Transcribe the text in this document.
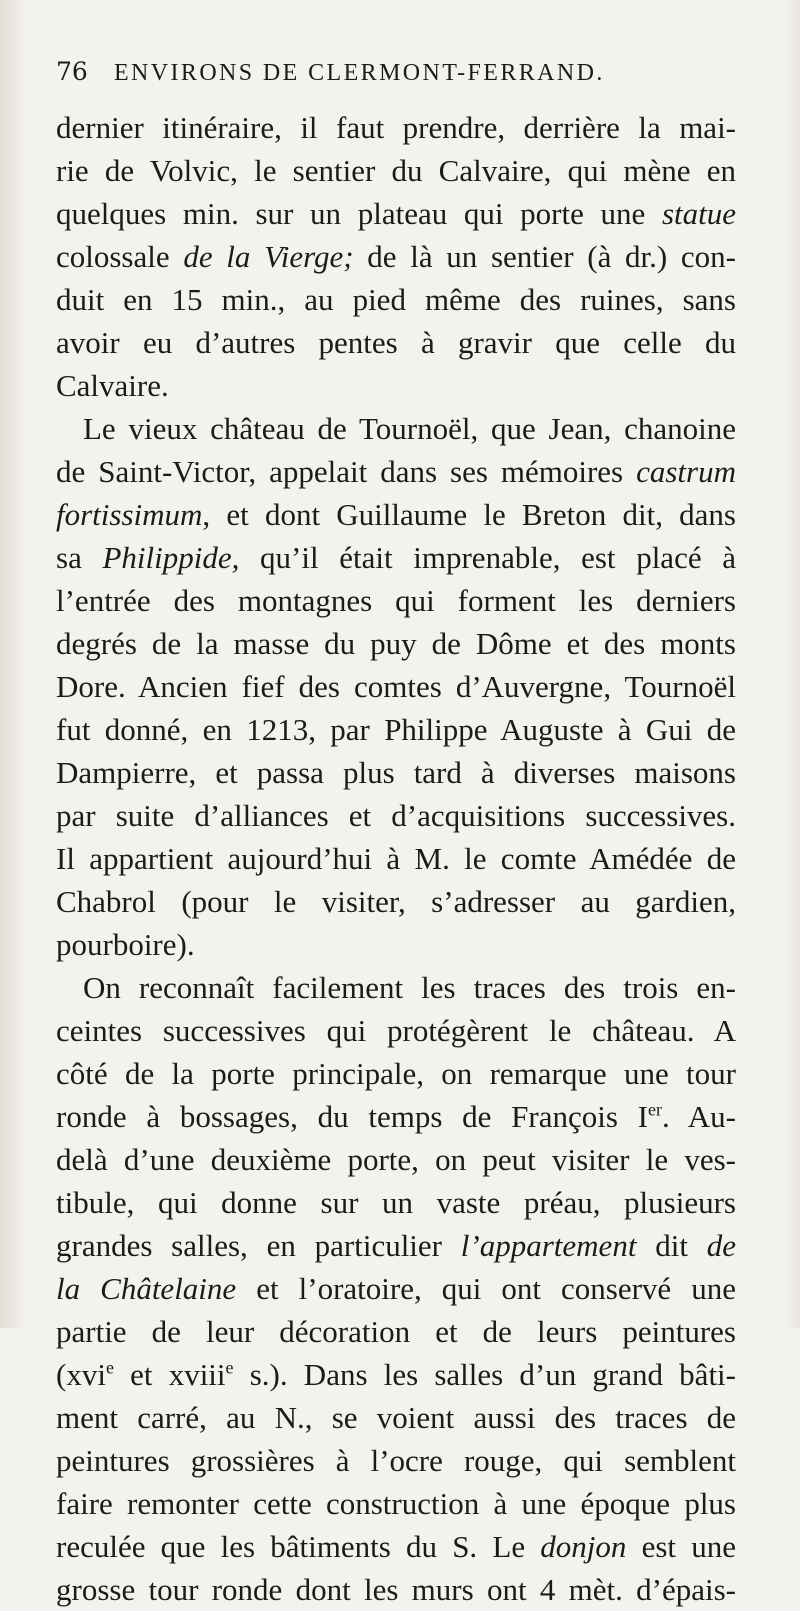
76 ENVIRONS DE CLERMONT-FERRAND.
dernier itinéraire, il faut prendre, derrière la mai-
rie de Volvic, le sentier du Calvaire, qui mène en
quelques min. sur un plateau qui porte une statue
colossale de la Vierge; de là un sentier (à dr.) con-
duit en 15 min., au pied même des ruines, sans
avoir eu d’autres pentes à gravir que celle du
Calvaire.
Le vieux château de Tournoël, que Jean, chanoine
de Saint-Victor, appelait dans ses mémoires castrum
fortissimum, et dont Guillaume le Breton dit, dans
sa Philippide, qu’il était imprenable, est placé à
l’entrée des montagnes qui forment les derniers
degrés de la masse du puy de Dôme et des monts
Dore. Ancien fief des comtes d’Auvergne, Tournoël
fut donné, en 1213, par Philippe Auguste à Gui de
Dampierre, et passa plus tard à diverses maisons
par suite d’alliances et d’acquisitions successives.
Il appartient aujourd’hui à M. le comte Amédée de
Chabrol (pour le visiter, s’adresser au gardien,
pourboire).
On reconnaît facilement les traces des trois en-
ceintes successives qui protégèrent le château. A
côté de la porte principale, on remarque une tour
ronde à bossages, du temps de François Ier. Au-
delà d’une deuxième porte, on peut visiter le ves-
tibule, qui donne sur un vaste préau, plusieurs
grandes salles, en particulier l’appartement dit de
la Châtelaine et l’oratoire, qui ont conservé une
partie de leur décoration et de leurs peintures
(xvi$^e$ et xviii$^e$ s.). Dans les salles d’un grand bâti-
ment carré, au N., se voient aussi des traces de
peintures grossières à l’ocre rouge, qui semblent
faire remonter cette construction à une époque plus
reculée que les bâtiments du S. Le donjon est une
grosse tour ronde dont les murs ont 4 mèt. d’épais-
